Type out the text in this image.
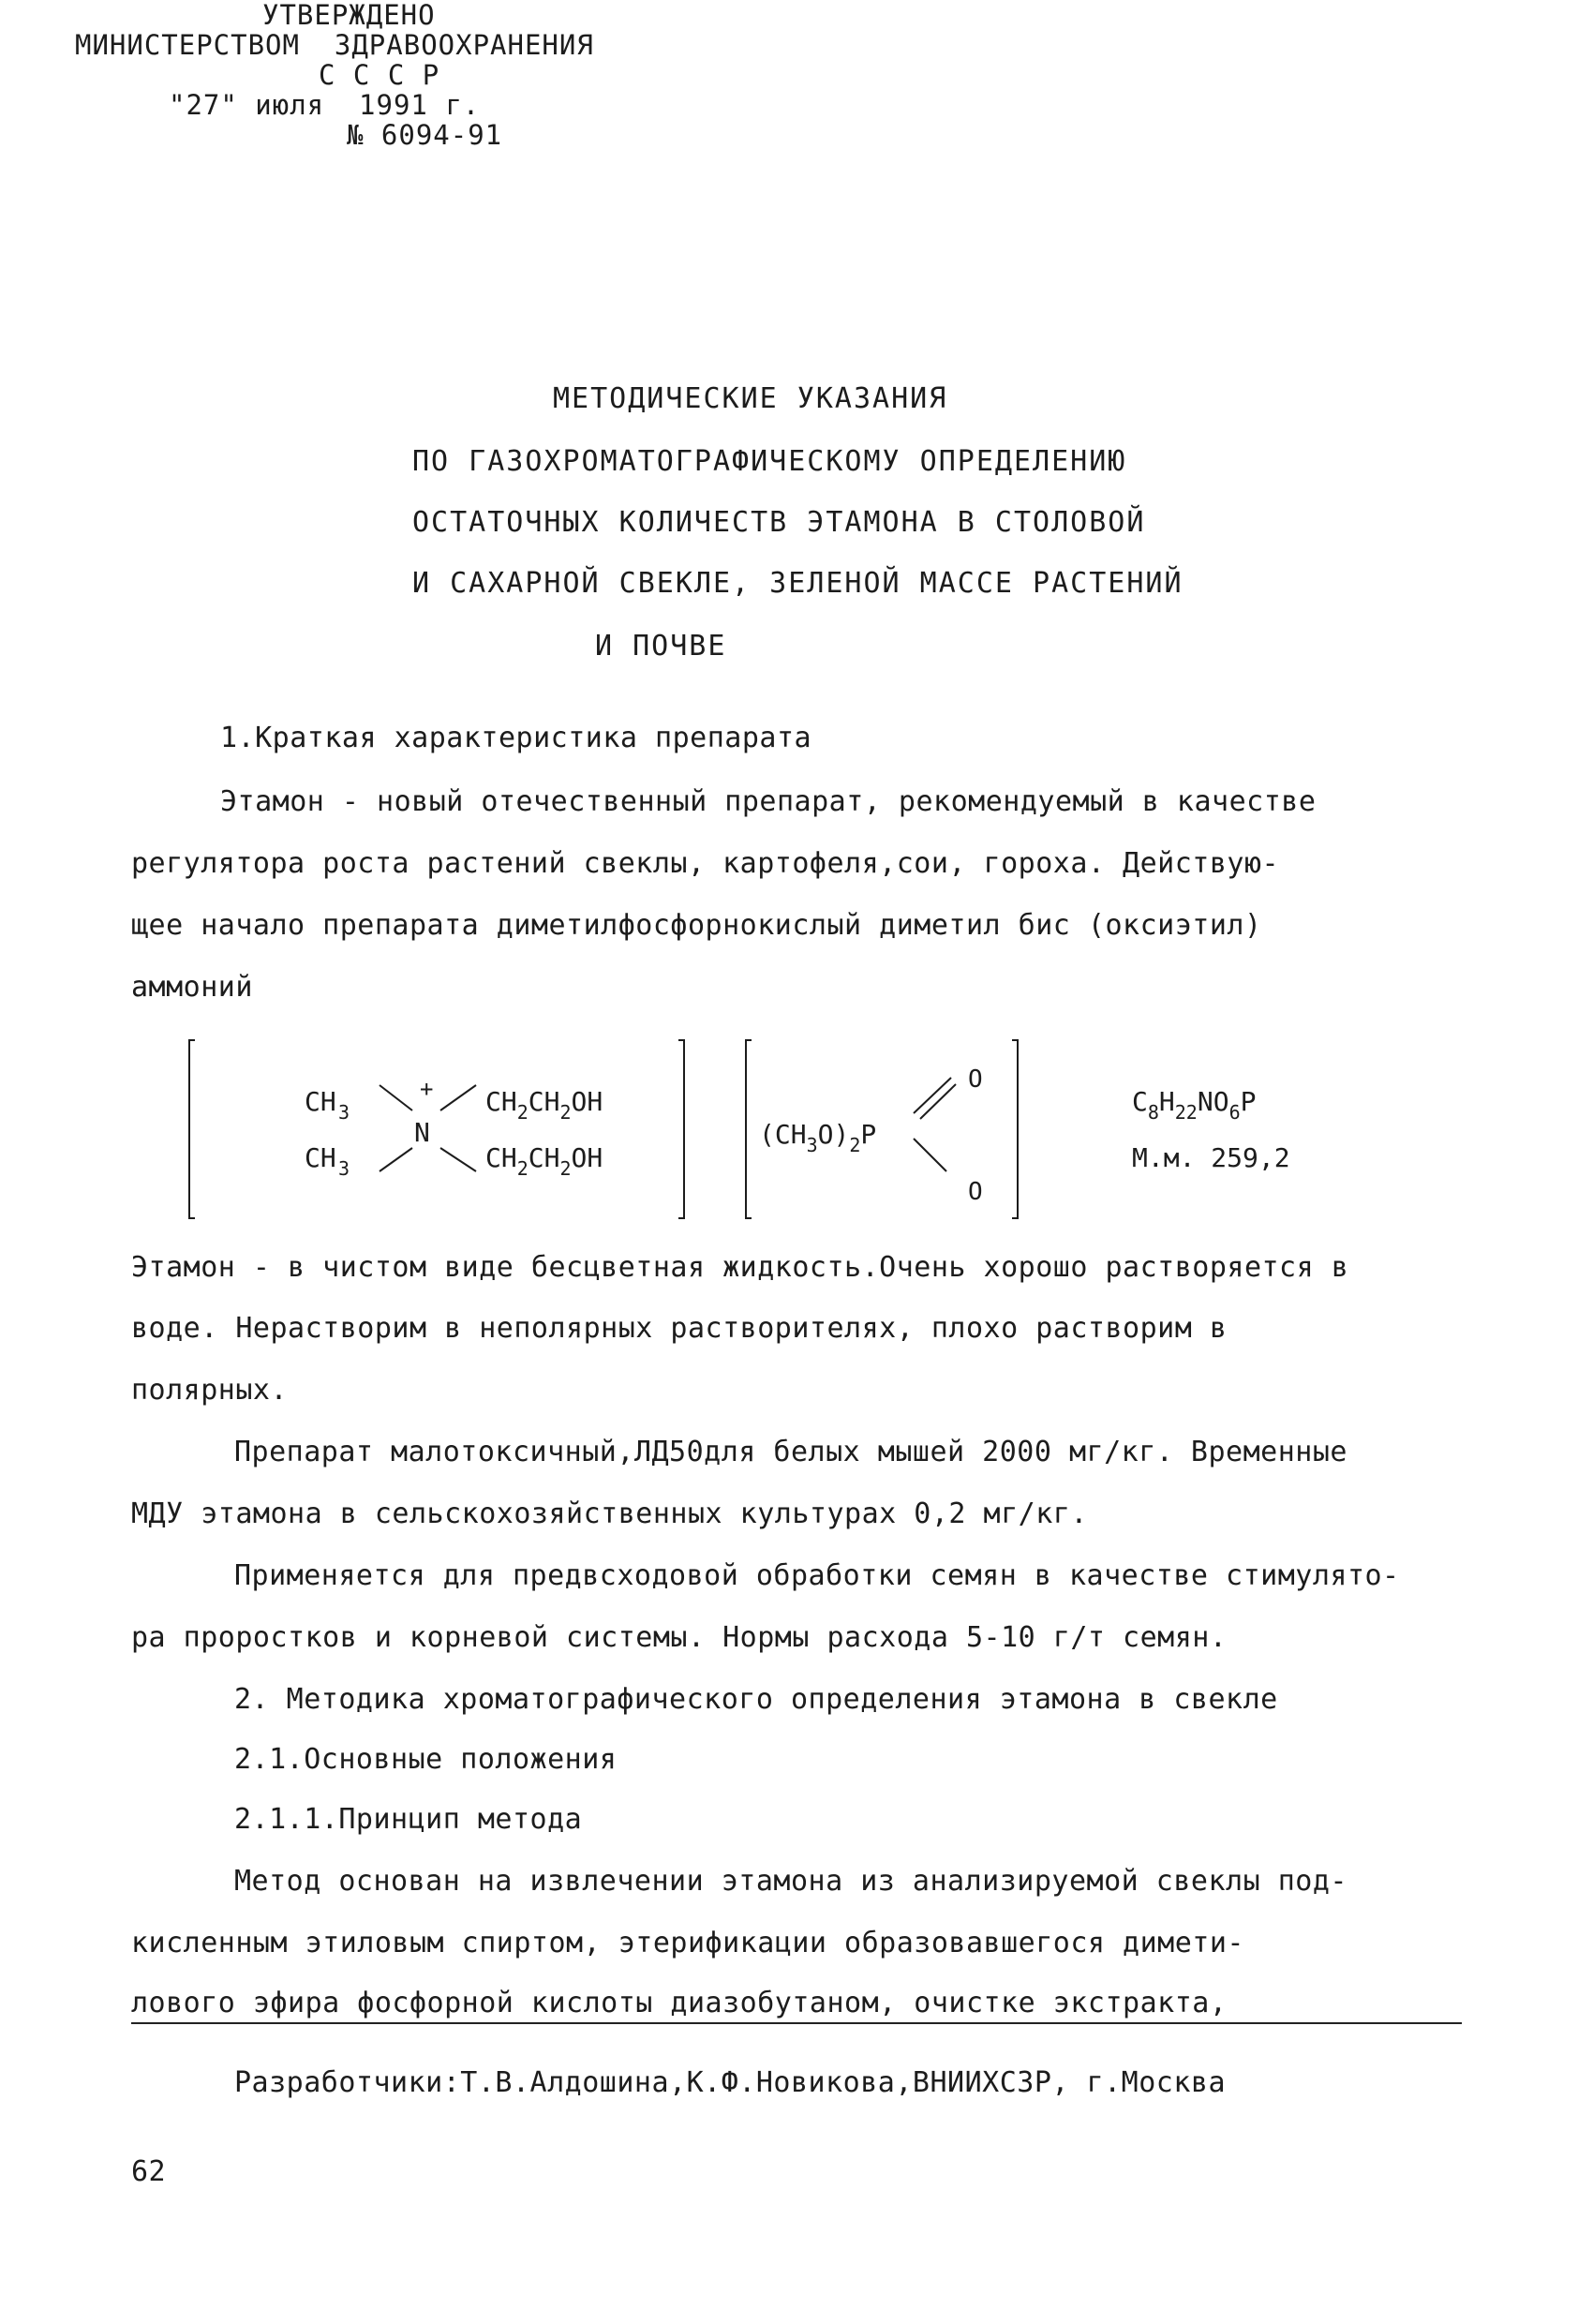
УТВЕРЖДЕНО
МИНИСТЕРСТВОМ  ЗДРАВООХРАНЕНИЯ
С С С Р
"27" июля  1991 г.
№ 6094-91
МЕТОДИЧЕСКИЕ УКАЗАНИЯ
ПО ГАЗОХРОМАТОГРАФИЧЕСКОМУ ОПРЕДЕЛЕНИЮ
ОСТАТОЧНЫХ КОЛИЧЕСТВ ЭТАМОНА В СТОЛОВОЙ
И САХАРНОЙ СВЕКЛЕ, ЗЕЛЕНОЙ МАССЕ РАСТЕНИЙ
И ПОЧВЕ
1.Краткая характеристика препарата
Этамон - новый отечественный препарат, рекомендуемый в качестве
регулятора роста растений свеклы, картофеля,сои, гороха. Действую-
щее начало препарата диметилфосфорнокислый диметил бис (оксиэтил)
аммоний
CH 3
CH 3
+
N
$CH_2CH_2OH$
$CH_2CH_2OH$
$(CH_3O)_2P$
O
O
$C_8H_{22}NO_6P$
М.м. 259,2
Этамон - в чистом виде бесцветная жидкость.Очень хорошо растворяется в
воде. Нерастворим в неполярных растворителях, плохо растворим в
полярных.
Препарат малотоксичный,ЛД50для белых мышей 2000 мг/кг. Временные
МДУ этамона в сельскохозяйственных культурах 0,2 мг/кг.
Применяется для предвсходовой обработки семян в качестве стимулято-
ра проростков и корневой системы. Нормы расхода 5-10 г/т семян.
2. Методика хроматографического определения этамона в свекле
2.1.Основные положения
2.1.1.Принцип метода
Метод основан на извлечении этамона из анализируемой свеклы под-
кисленным этиловым спиртом, этерификации образовавшегося димети-
лового эфира фосфорной кислоты диазобутаном, очистке экстракта,
Разработчики:Т.В.Алдошина,К.Ф.Новикова,ВНИИХСЗР, г.Москва
62
